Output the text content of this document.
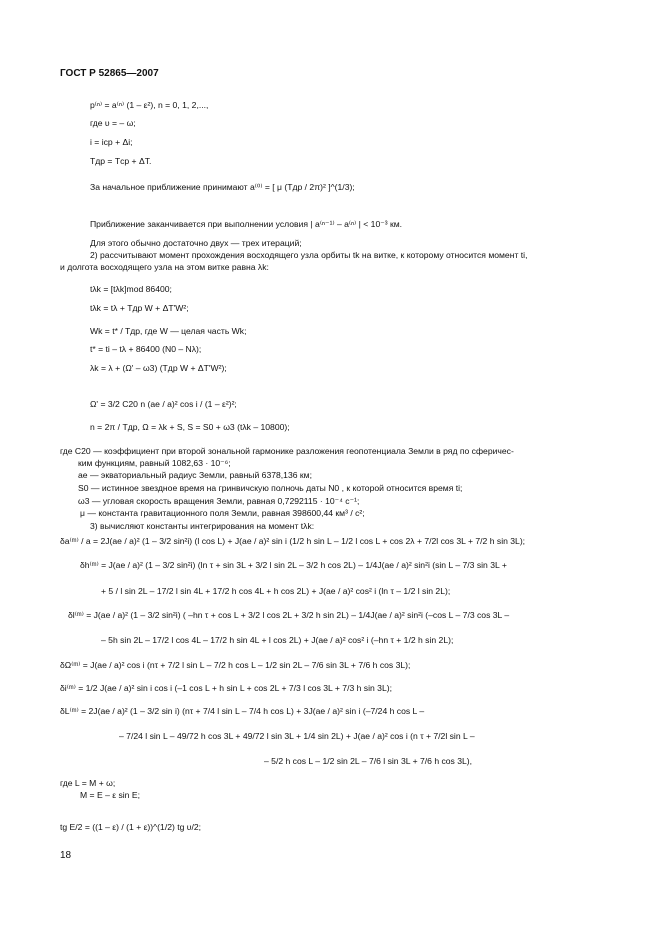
ГОСТ Р 52865—2007
p⁽ⁿ⁾ = a⁽ⁿ⁾ (1 – ε²), n = 0, 1, 2,...,
где υ = – ω;
i = iср + Δi;
Tдр = Tср + ΔT.
За начальное приближение принимают a⁽⁰⁾ = [ μ (Tдр / 2π)² ]^(1/3);
Приближение заканчивается при выполнении условия | a⁽ⁿ⁻¹⁾ – a⁽ⁿ⁾ | < 10⁻³ км.
Для этого обычно достаточно двух — трех итераций;
2) рассчитывают момент прохождения восходящего узла орбиты tk на витке, к которому относится момент ti,
и долгота восходящего узла на этом витке равна λk:
tλk = [tλk]mod 86400;
tλk = tλ + Tдр W + ΔT'W²;
Wk = t* / Tдр, где W — целая часть Wk;
t* = ti – tλ + 86400 (N0 – Nλ);
λk = λ + (Ω' – ω3) (Tдр W + ΔT'W²);
Ω' = 3/2 C20 n (ae / a)² cos i / (1 – ε²)²;
n = 2π / Tдр, Ω = λk + S, S = S0 + ω3 (tλk – 10800);
где C20 — коэффициент при второй зональной гармонике разложения геопотенциала Земли в ряд по сферичес-
ким функциям, равный 1082,63 · 10⁻⁶;
ae — экваториальный радиус Земли, равный 6378,136 км;
S0 — истинное звездное время на гринвичскую полночь даты N0 , к которой относится время ti;
ω3 — угловая скорость вращения Земли, равная 0,7292115 · 10⁻⁴ c⁻¹;
μ — константа гравитационного поля Земли, равная 398600,44 км³ / с²;
3) вычисляют константы интегрирования на момент tλk:
δa⁽ᵐ⁾ / a = 2J(ae / a)² (1 – 3/2 sin²i) (l cos L) + J(ae / a)² sin i (1/2 h sin L – 1/2 l cos L + cos 2λ + 7/2l cos 3L + 7/2 h sin 3L);
δh⁽ᵐ⁾ = J(ae / a)² (1 – 3/2 sin²i) (ln τ + sin 3L + 3/2 l sin 2L – 3/2 h cos 2L) – 1/4J(ae / a)² sin²i (sin L – 7/3 sin 3L +
+ 5 / l sin 2L – 17/2 l sin 4L + 17/2 h cos 4L + h cos 2L) + J(ae / a)² cos² i (ln τ – 1/2 l sin 2L);
δl⁽ᵐ⁾ = J(ae / a)² (1 – 3/2 sin²i) ( –hn τ + cos L + 3/2 l cos 2L + 3/2 h sin 2L) – 1/4J(ae / a)² sin²i (–cos L – 7/3 cos 3L –
– 5h sin 2L – 17/2 l cos 4L – 17/2 h sin 4L + l cos 2L) + J(ae / a)² cos² i (–hn τ + 1/2 h sin 2L);
δΩ⁽ᵐ⁾ = J(ae / a)² cos i (nτ + 7/2 l sin L – 7/2 h cos L – 1/2 sin 2L – 7/6 sin 3L + 7/6 h cos 3L);
δi⁽ᵐ⁾ = 1/2 J(ae / a)² sin i cos i (–1 cos L + h sin L + cos 2L + 7/3 l cos 3L + 7/3 h sin 3L);
δL⁽ᵐ⁾ = 2J(ae / a)² (1 – 3/2 sin i) (nτ + 7/4 l sin L – 7/4 h cos L) + 3J(ae / a)² sin i (–7/24 h cos L –
– 7/24 l sin L – 49/72 h cos 3L + 49/72 l sin 3L + 1/4 sin 2L) + J(ae / a)² cos i (n τ + 7/2l sin L –
– 5/2 h cos L – 1/2 sin 2L – 7/6 l sin 3L + 7/6 h cos 3L),
где L = M + ω;
M = E – ε sin E;
tg E/2 = ((1 – ε) / (1 + ε))^(1/2) tg υ/2;
18
